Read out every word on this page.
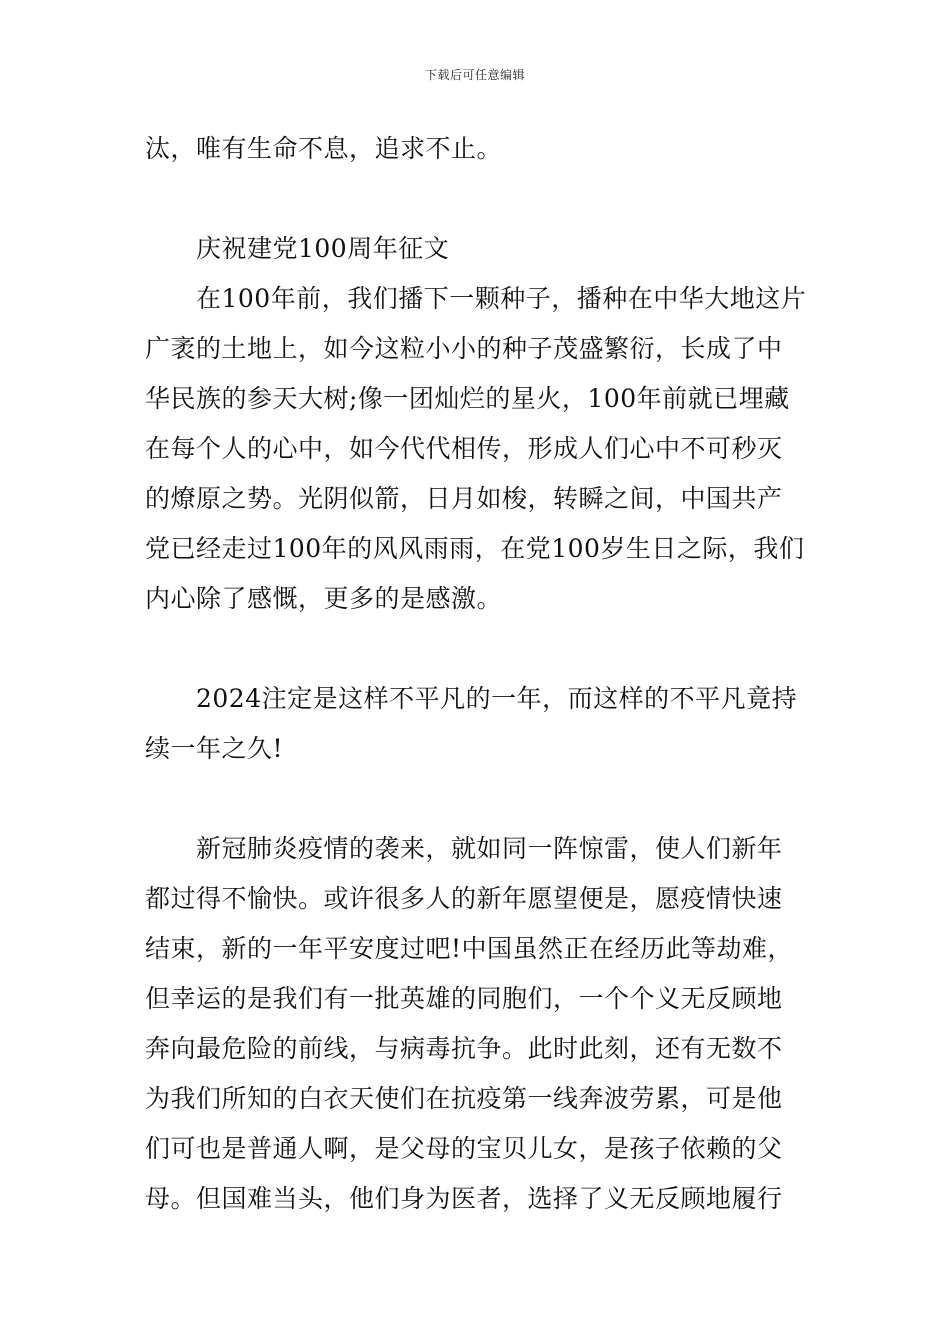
下载后可任意编辑
汰，唯有生命不息，追求不止。
庆祝建党100周年征文
在100年前，我们播下一颗种子，播种在中华大地这片
广袤的土地上，如今这粒小小的种子茂盛繁衍，长成了中
华民族的参天大树;像一团灿烂的星火，100年前就已埋藏
在每个人的心中，如今代代相传，形成人们心中不可秒灭
的燎原之势。光阴似箭，日月如梭，转瞬之间，中国共产
党已经走过100年的风风雨雨，在党100岁生日之际，我们
内心除了感慨，更多的是感激。
2024注定是这样不平凡的一年，而这样的不平凡竟持
续一年之久!
新冠肺炎疫情的袭来，就如同一阵惊雷，使人们新年
都过得不愉快。或许很多人的新年愿望便是，愿疫情快速
结束，新的一年平安度过吧!中国虽然正在经历此等劫难，
但幸运的是我们有一批英雄的同胞们，一个个义无反顾地
奔向最危险的前线，与病毒抗争。此时此刻，还有无数不
为我们所知的白衣天使们在抗疫第一线奔波劳累，可是他
们可也是普通人啊，是父母的宝贝儿女，是孩子依赖的父
母。但国难当头，他们身为医者，选择了义无反顾地履行
